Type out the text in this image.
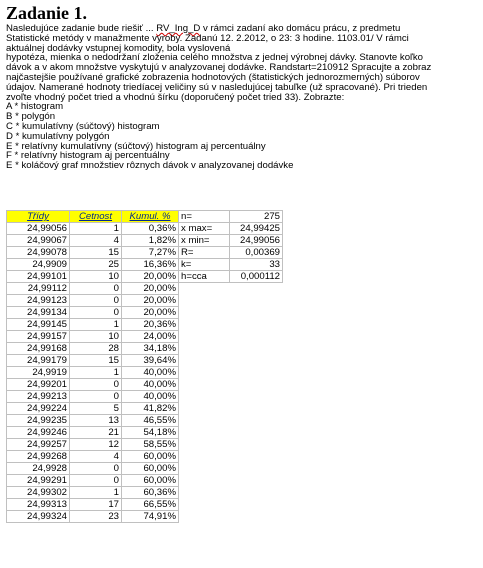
Zadanie 1.
Nasledujúce zadanie bude riešiť ... RV_Ing_D v rámci zadaní ako domácu prácu, z predmetu
Statistické metódy v manažmente výroby. Zadanú 12. 2.2012, o 23: 3 hodine. 1103.01/ V rámci
aktuálnej dodávky vstupnej komodity, bola vyslovená
hypotéza, mienka o nedodržaní zloženia celého množstva z jednej výrobnej dávky. Stanovte koľko
dávok a v akom množstve vyskytujú v analyzovanej dodávke. Randstart=210912 Spracujte a zobraz
najčastejšie používané grafické zobrazenia hodnotových (štatistických jednorozmerných) súborov
údajov. Namerané hodnoty triedíacej veličiny sú v nasledujúcej tabuľke (už spracované). Pri trieden
zvoľte vhodný počet tried a vhodnú šírku (doporučený počet tried 33). Zobrazte:
A * histogram
B * polygón
C * kumulatívny (súčtový) histogram
D * kumulatívny polygón
E * relatívny kumulatívny (súčtový) histogram aj percentuálny
F * relatívny histogram aj percentuálny
E * koláčový graf množstiev rôznych dávok v analyzovanej dodávke
Třídy	Cetnost	Kumul. %	n=	275
24,99056	1	0,36%	x max=	24,99425
24,99067	4	1,82%	x min=	24,99056
24,99078	15	7,27%	R=	0,00369
24,9909	25	16,36%	k=	33
24,99101	10	20,00%	h=cca	0,000112
24,99112	0	20,00%		
24,99123	0	20,00%		
24,99134	0	20,00%		
24,99145	1	20,36%		
24,99157	10	24,00%		
24,99168	28	34,18%		
24,99179	15	39,64%		
24,9919	1	40,00%		
24,99201	0	40,00%		
24,99213	0	40,00%		
24,99224	5	41,82%		
24,99235	13	46,55%		
24,99246	21	54,18%		
24,99257	12	58,55%		
24,99268	4	60,00%		
24,9928	0	60,00%		
24,99291	0	60,00%		
24,99302	1	60,36%		
24,99313	17	66,55%		
24,99324	23	74,91%		
